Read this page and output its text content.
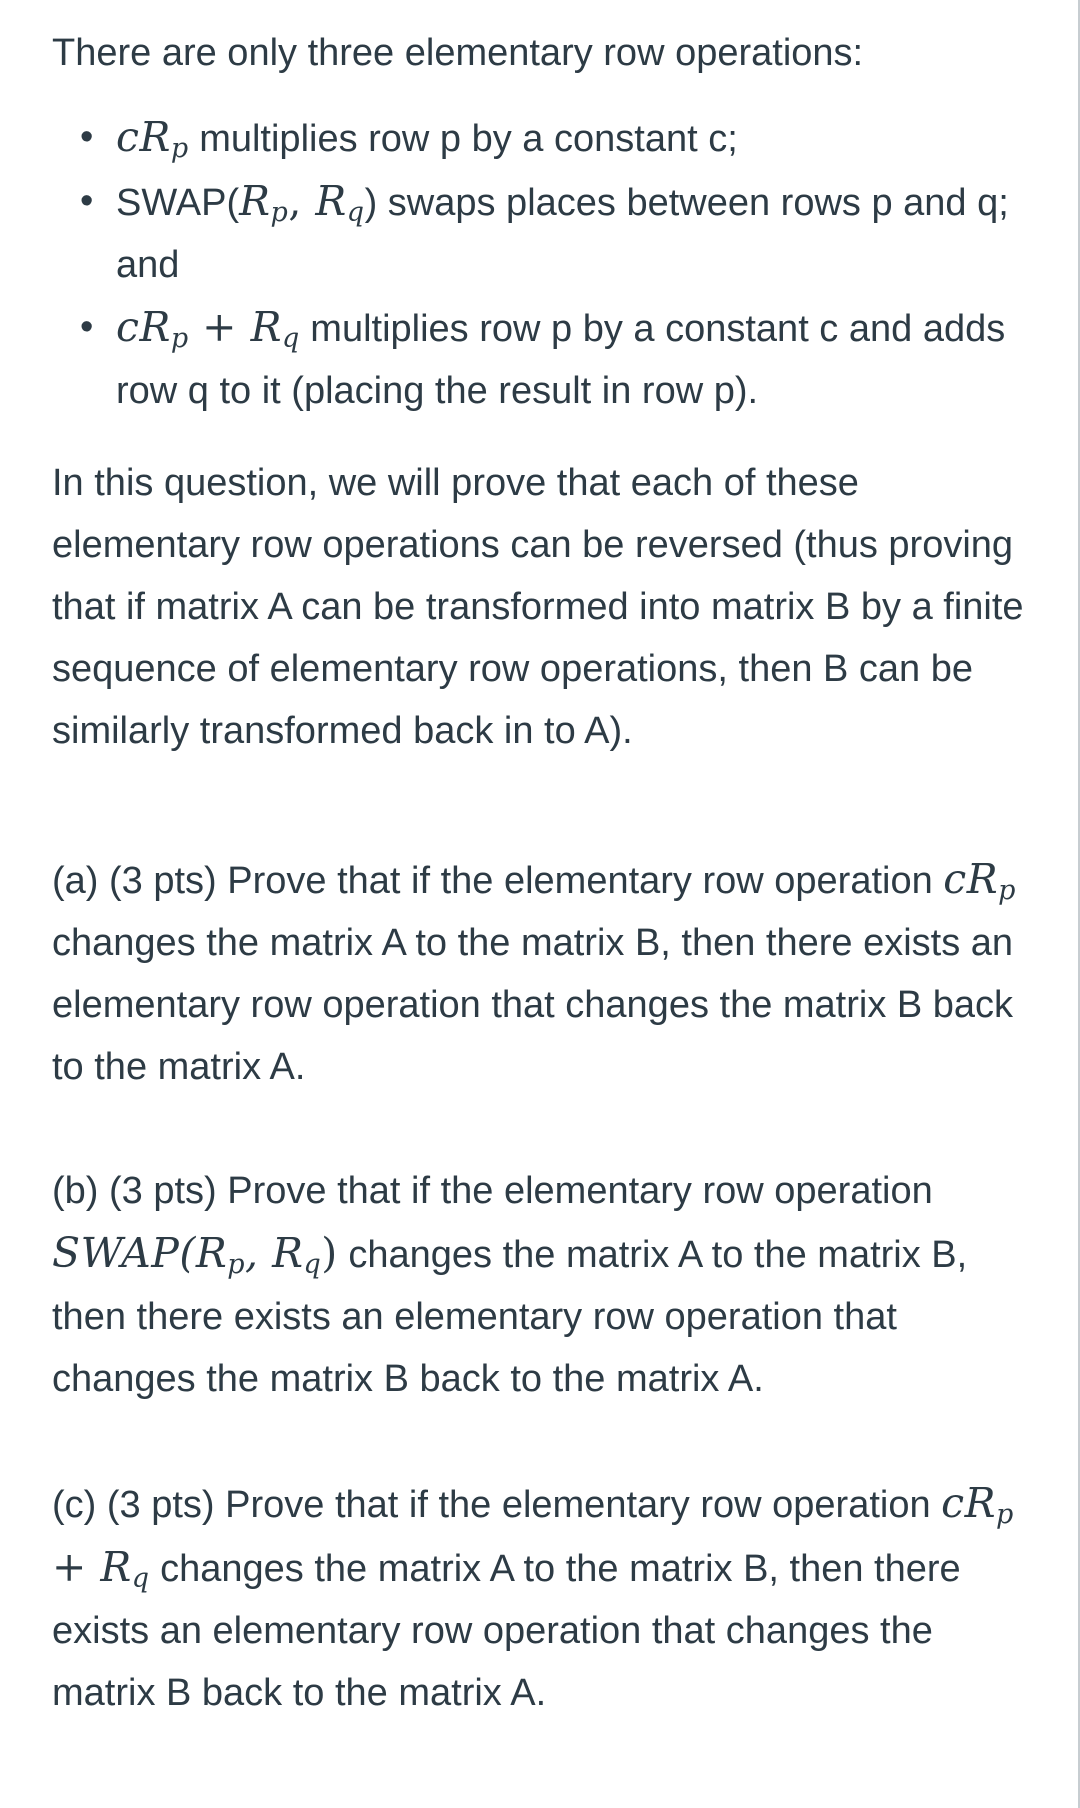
There are only three elementary row operations:

• $cR_p$ multiplies row p by a constant c;
• $SWAP(R_p$, $R_q$) swaps places between rows p and q; and
• $cR_p + R_q$ multiplies row p by a constant c and adds row q to it (placing the result in row p).

In this question, we will prove that each of these elementary row operations can be reversed (thus proving that if matrix A can be transformed into matrix B by a finite sequence of elementary row operations, then B can be similarly transformed back in to A).

(a) (3 pts) Prove that if the elementary row operation $cR_p$ changes the matrix A to the matrix B, then there exists an elementary row operation that changes the matrix B back to the matrix A.

(b) (3 pts) Prove that if the elementary row operation $SWAP(R_p$, $R_q$) changes the matrix A to the matrix B, then there exists an elementary row operation that changes the matrix B back to the matrix A.

(c) (3 pts) Prove that if the elementary row operation $cR_p + R_q$ changes the matrix A to the matrix B, then there exists an elementary row operation that changes the matrix B back to the matrix A.
